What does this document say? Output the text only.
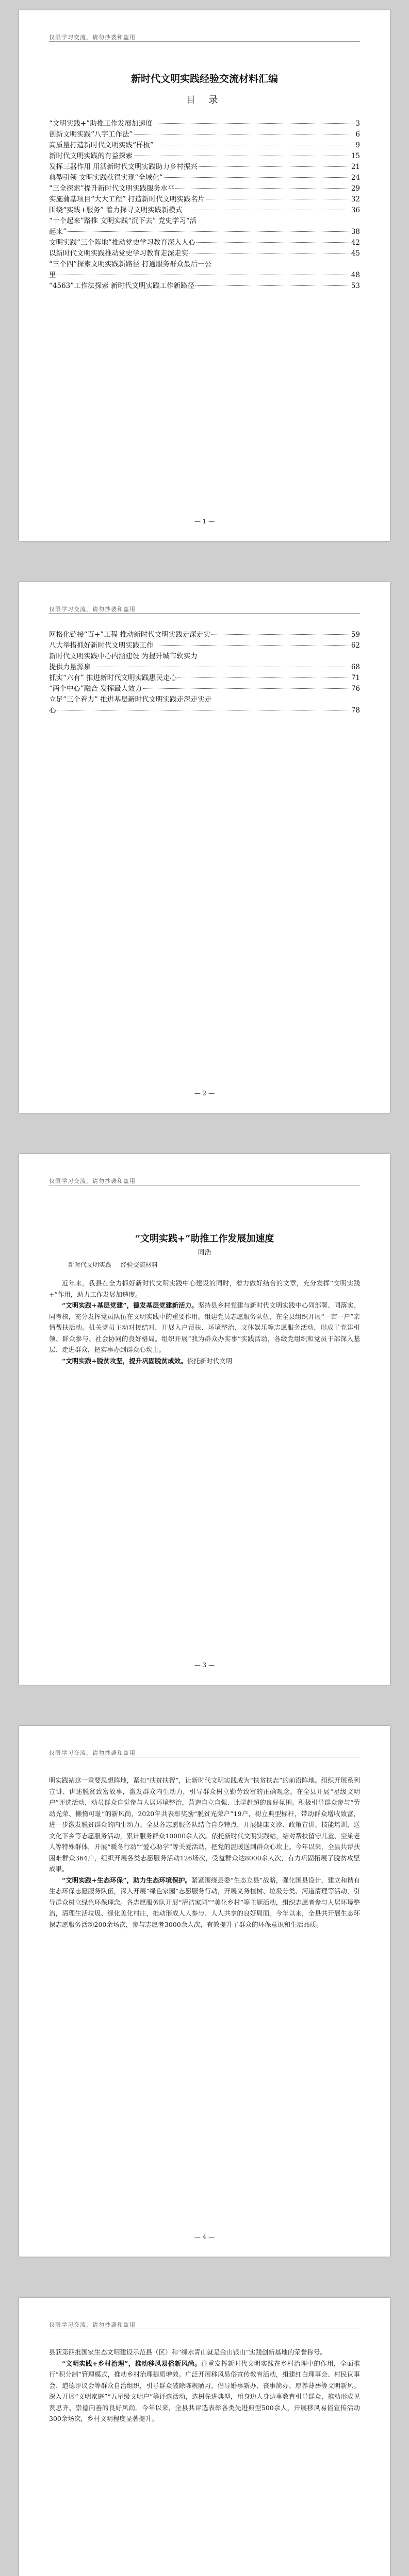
仅限学习交流，请勿抄袭和盗用
新时代文明实践经验交流材料汇编
目 录
“文明实践+”助推工作发展加速度	3
创新文明实践“八字工作法”	6
高质量打造新时代文明实践“样板”	9
新时代文明实践的有益探索	15
发挥三器作用 用活新时代文明实践助力乡村振兴	21
典型引领 文明实践获得实现“全域化”	24
“三全探索”提升新时代文明实践服务水平	29
实施蒲基项目“大大工程” 打造新时代文明实践名片	32
围绕“实践+服务” 着力探寻文明实践新模式	36
“十个起来”路推 文明实践“沉下去” 党史学习“活
起来”	38
文明实践“三个阵地”推动党史学习教育深入人心	42
以新时代文明实践推动党史学习教育走深走实	45
“三个四”探索文明实践新路径 打通服务群众最后一公
里	48
“4563”工作法探索 新时代文明实践工作新路径	53
— 1 —
仅限学习交流，请勿抄袭和盗用
网格化链接“百+”工程 推动新时代文明实践走深走实	59
八大举措抓好新时代文明实践工作	62
新时代文明实践中心内涵建设 为提升城市软实力
提供力量源泉	68
抓实“六有” 推进新时代文明实践惠民走心	71
“两个中心”融合 发挥最大效力	76
立足“三个着力” 推进基层新时代文明实践走深走实走
心	78
— 2 —
仅限学习交流，请勿抄袭和盗用
“文明实践+”助推工作发展加速度
同浩
新时代文明实践 经验交流材料

近年来，我县在全力抓好新时代文明实践中心建设的同时，着力做好结合的文章，充分发挥“文明实践+”作用，助力工作发展加速度。

“文明实践+基层党建”，德发基层党建新活力。坚持县乡村党建与新时代文明实践中心同部署、同落实、同考核，充分发挥党员队伍在文明实践中的重要作用。组建党员志愿服务队伍，在全县组织开展“一亩一户”亲情帮扶活动。机关党员主动对接结对，开展入户帮扶、环境整治、文体娱乐等志愿服务活动，形成了党建引领、群众参与、社会协同的良好格局。组织开展“我为群众办实事”实践活动，各级党组织和党员干部深入基层、走进群众，把实事办到群众心坎上。

“文明实践+脱贫攻坚，提升巩固脱贫成效。依托新时代文明

— 3 —
仅限学习交流，请勿抄袭和盗用

明实践站这一重要思想阵地，紧扣“扶贫扶智”，让新时代文明实践成为“扶贫扶志”的前沿阵地。组织开展系列宣讲、讲述脱贫致富故事，激发群众内生动力，引导群众树立勤劳致富的正确观念。在全县开展“星级文明户”评选活动，动员群众自觉参与人居环境整治，营造自立自强、比学赶超的良好氛围。积极引导群众参与“劳动光荣、懒惰可耻”的新风尚，2020年共表彰奖励“脱贫光荣户”19户，树立典型标杆，带动群众增收致富，进一步激发脱贫群众的内生动力。全县各志愿服务队结合自身特点，开展健康义诊、政策宣讲、技能培训、送文化下乡等志愿服务活动，累计服务群众10000余人次。依托新时代文明实践站，结对帮扶留守儿童、空巢老人等特殊群体，开展“暖冬行动”“爱心助学”等关爱活动，把党的温暖送到群众心坎上。今年以来，全县共帮扶困难群众364户，组织开展各类志愿服务活动126场次，受益群众达8000余人次，有力巩固拓展了脱贫攻坚成果。

“文明实践+生态环保”，助力生态环境保护。紧紧围绕县委“生态立县”战略，强化国县设计，建立和谐有生态环保志愿服务队伍，深入开展“绿色家园”志愿服务行动，开展义务植树、垃圾分类、河道清理等活动，引导群众树立绿色环保理念。各志愿服务队开展“清洁家园”“美化乡村”等主题活动，组织志愿者参与人居环境整治，清理生活垃圾、绿化美化村庄，推动形成人人参与、人人共享的良好局面。今年以来，全县共开展生态环保志愿服务活动200余场次，参与志愿者3000余人次，有效提升了群众的环保意识和生活品质。

— 4 —
仅限学习交流，请勿抄袭和盗用

县获第四批国家生态文明建设示范县（区）和“绿水青山就是金山银山”实践创新基地的荣誉称号。

“文明实践+乡村治理”，推动移风易俗新风尚。注重发挥新时代文明实践在乡村治理中的作用，全面推行“积分制”管理模式，推动乡村治理提质增效。广泛开展移风易俗宣传教育活动，组建红白理事会、村民议事会、道德评议会等群众自治组织，引导群众破除陈规陋习，倡导婚事新办、丧事简办、厚养薄葬等文明新风。深入开展“文明家庭”“五星级文明户”等评选活动，选树先进典型，用身边人身边事教育引导群众，推动形成见贤思齐、崇德向善的良好风尚。今年以来，全县共评选表彰各类先进典型500余人，开展移风易俗宣传活动300余场次，乡村文明程度显著提升。
